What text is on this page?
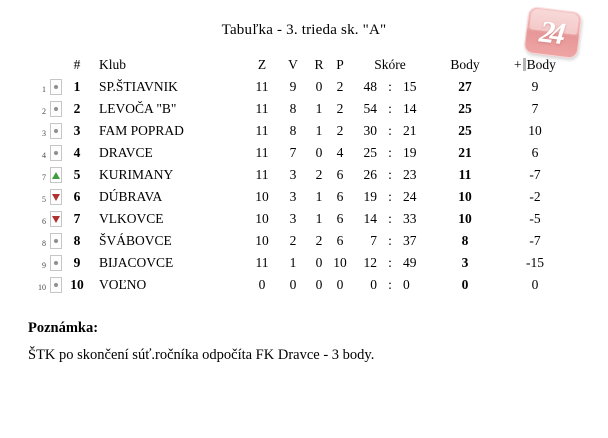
24
Tabuľka - 3. trieda sk. "A"
#	Klub	Z	V	R P	Skóre	Body	+ Body
1	1	SP.ŠTIAVNIK	11	9	0	2	48 : 15	27	9
2	2	LEVOČA "B"	11	8	1	2	54 : 14	25	7
3	3	FAM POPRAD	11	8	1	2	30 : 21	25	10
4	4	DRAVCE	11	7	0	4	25 : 19	21	6
7	5	KURIMANY	11	3	2	6	26 : 23	11	-7
5	6	DÚBRAVA	10	3	1	6	19 : 24	10	-2
6	7	VLKOVCE	10	3	1	6	14 : 33	10	-5
8	8	ŠVÁBOVCE	10	2	2	6	7 : 37	8	-7
9	9	BIJACOVCE	11	1	0 10	12 : 49	3	-15
10	10	VOĽNO	0	0	0	0	0 : 0	0	0
Poznámka:
ŠTK po skončení súť.ročníka odpočíta FK Dravce - 3 body.
